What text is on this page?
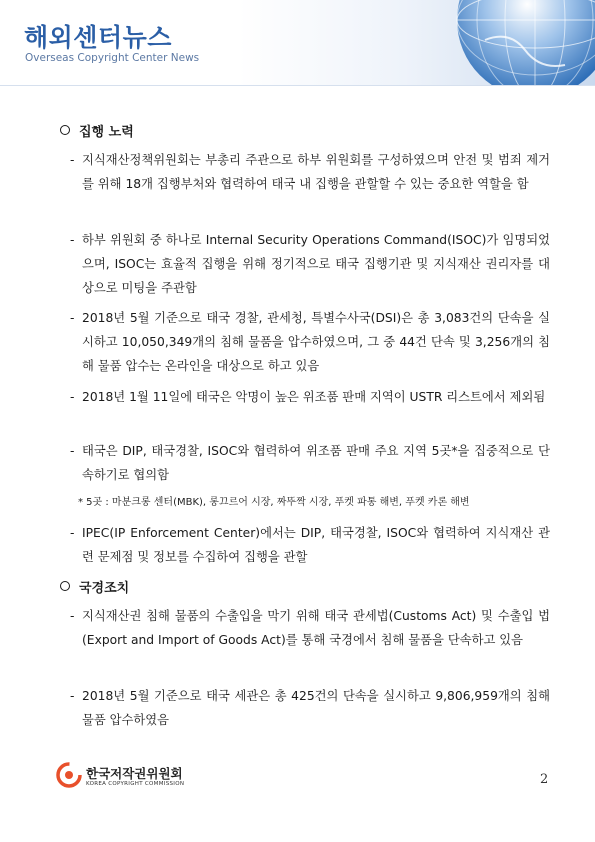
해외센터뉴스
Overseas Copyright Center News
집행 노력
- 지식재산정책위원회는 부총리 주관으로 하부 위원회를 구성하였으며 안전 및 범죄 제거를 위해 18개 집행부처와 협력하여 태국 내 집행을 관할할 수 있는 중요한 역할을 함
- 하부 위원회 중 하나로 Internal Security Operations Command(ISOC)가 임명되었으며, ISOC는 효율적 집행을 위해 정기적으로 태국 집행기관 및 지식재산 권리자를 대상으로 미팅을 주관함
- 2018년 5월 기준으로 태국 경찰, 관세청, 특별수사국(DSI)은 총 3,083건의 단속을 실시하고 10,050,349개의 침해 물품을 압수하였으며, 그 중 44건 단속 및 3,256개의 침해 물품 압수는 온라인을 대상으로 하고 있음
- 2018년 1월 11일에 태국은 악명이 높은 위조품 판매 지역이 USTR 리스트에서 제외됨
- 태국은 DIP, 태국경찰, ISOC와 협력하여 위조품 판매 주요 지역 5곳*을 집중적으로 단속하기로 협의함
* 5곳 : 마분크롱 센터(MBK), 롱끄르어 시장, 짜뚜짝 시장, 푸켓 파통 해변, 푸켓 카론 해변
- IPEC(IP Enforcement Center)에서는 DIP, 태국경찰, ISOC와 협력하여 지식재산 관련 문제점 및 정보를 수집하여 집행을 관할
국경조치
- 지식재산권 침해 물품의 수출입을 막기 위해 태국 관세법(Customs Act) 및 수출입 법(Export and Import of Goods Act)를 통해 국경에서 침해 물품을 단속하고 있음
- 2018년 5월 기준으로 태국 세관은 총 425건의 단속을 실시하고 9,806,959개의 침해물품 압수하였음
한국저작권위원회
KOREA COPYRIGHT COMMISSION	2
